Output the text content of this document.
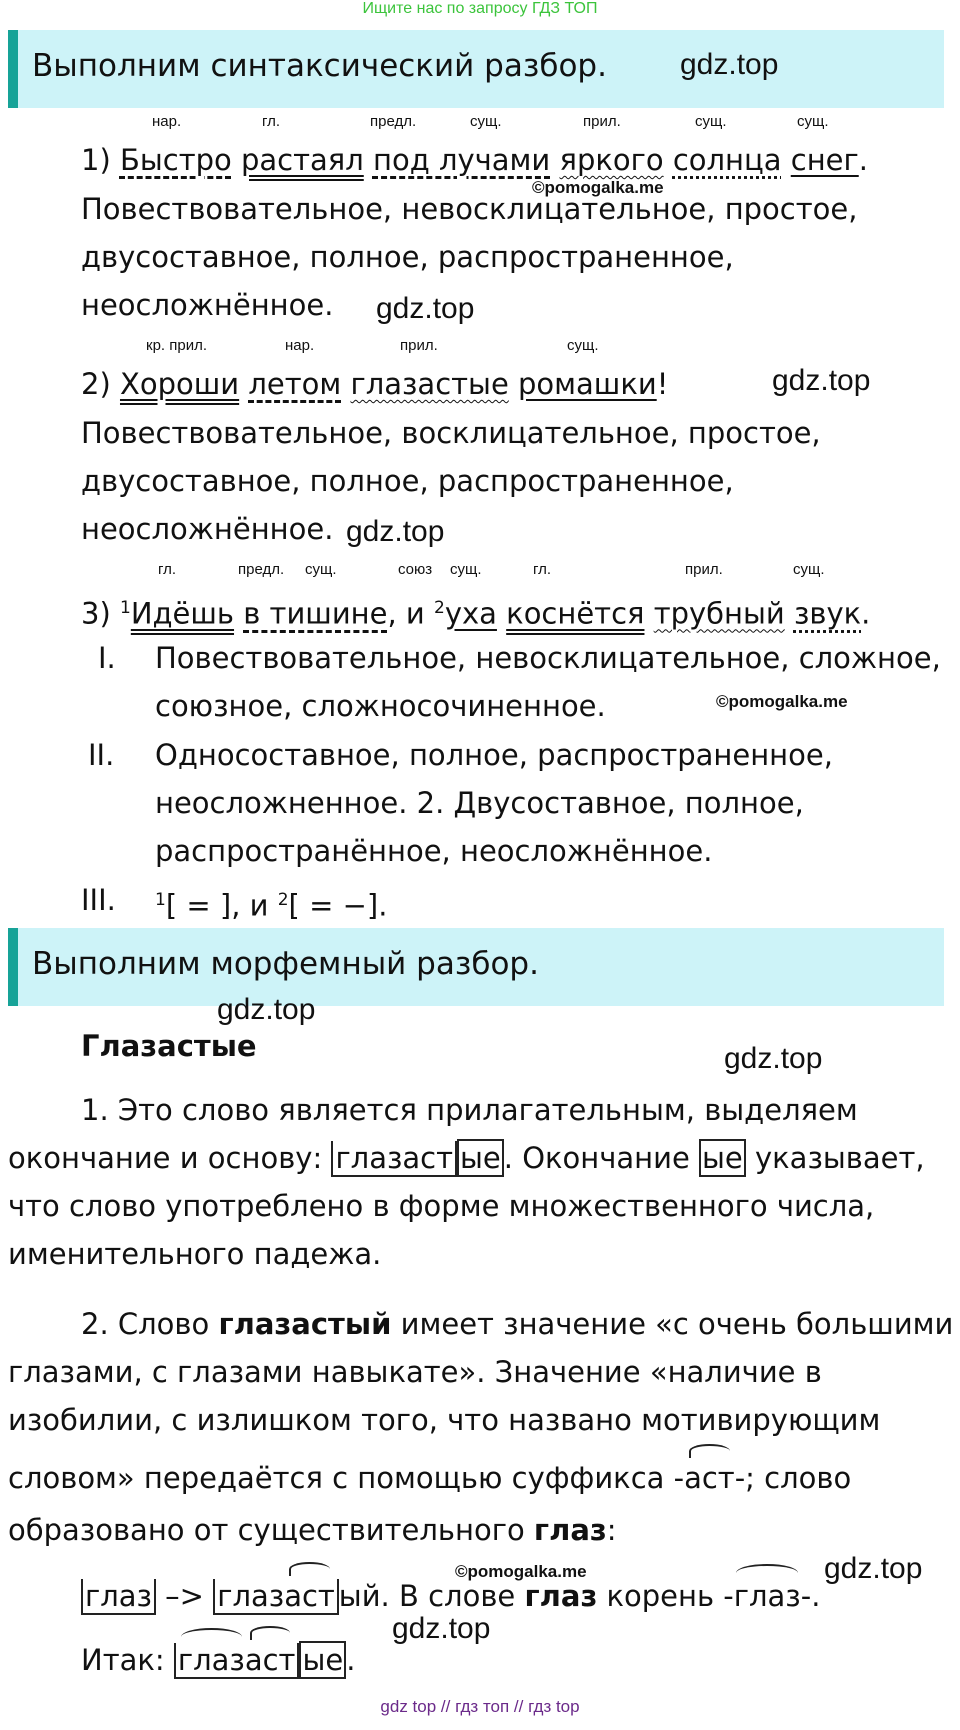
Ищите нас по запросу ГДЗ ТОП
Выполним синтаксический разбор. gdz.top
нар.	гл.	предл.	сущ.	прил.	сущ.	сущ.
1) Быстро растаял под лучами яркого солнца снег.
©pomogalka.me
Повествовательное, невосклицательное, простое,
двусоставное, полное, распространенное,
неосложнённое. gdz.top
кр. прил.	нар.	прил.	сущ.
2) Хороши летом глазастые ромашки!	gdz.top
Повествовательное, восклицательное, простое,
двусоставное, полное, распространенное,
неосложнённое. gdz.top
гл.	предл. сущ.	союз сущ.	гл.	прил.	сущ.
3) $^1$Идёшь в тишине, и $^2$уха коснётся трубный звук.
I. Повествовательное, невосклицательное, сложное,
союзное, сложносочиненное.	©pomogalka.me
II. Односоставное, полное, распространенное,
неосложненное. 2. Двусоставное, полное,
распространённое, неосложнённое.
III. $^1$[ = ], и $^2$[ = −].
Выполним морфемный разбор.
gdz.top
Глазастые	gdz.top
1. Это слово является прилагательным, выделяем
окончание и основу: глазаст ые . Окончание ые указывает,
что слово употреблено в форме множественного числа,
именительного падежа.
2. Слово глазастый имеет значение «с очень большими
глазами, с глазами навыкате». Значение «наличие в
изобилии, с излишком того, что названо мотивирующим
словом» передаётся с помощью суффикса -аст-; слово
образовано от существительного глаз:
©pomogalka.me	gdz.top
глаз –> глазаст ый. В слове глаз корень -глаз-.
gdz.top
Итак: глазаст ые .
gdz top // гдз топ // гдз top
